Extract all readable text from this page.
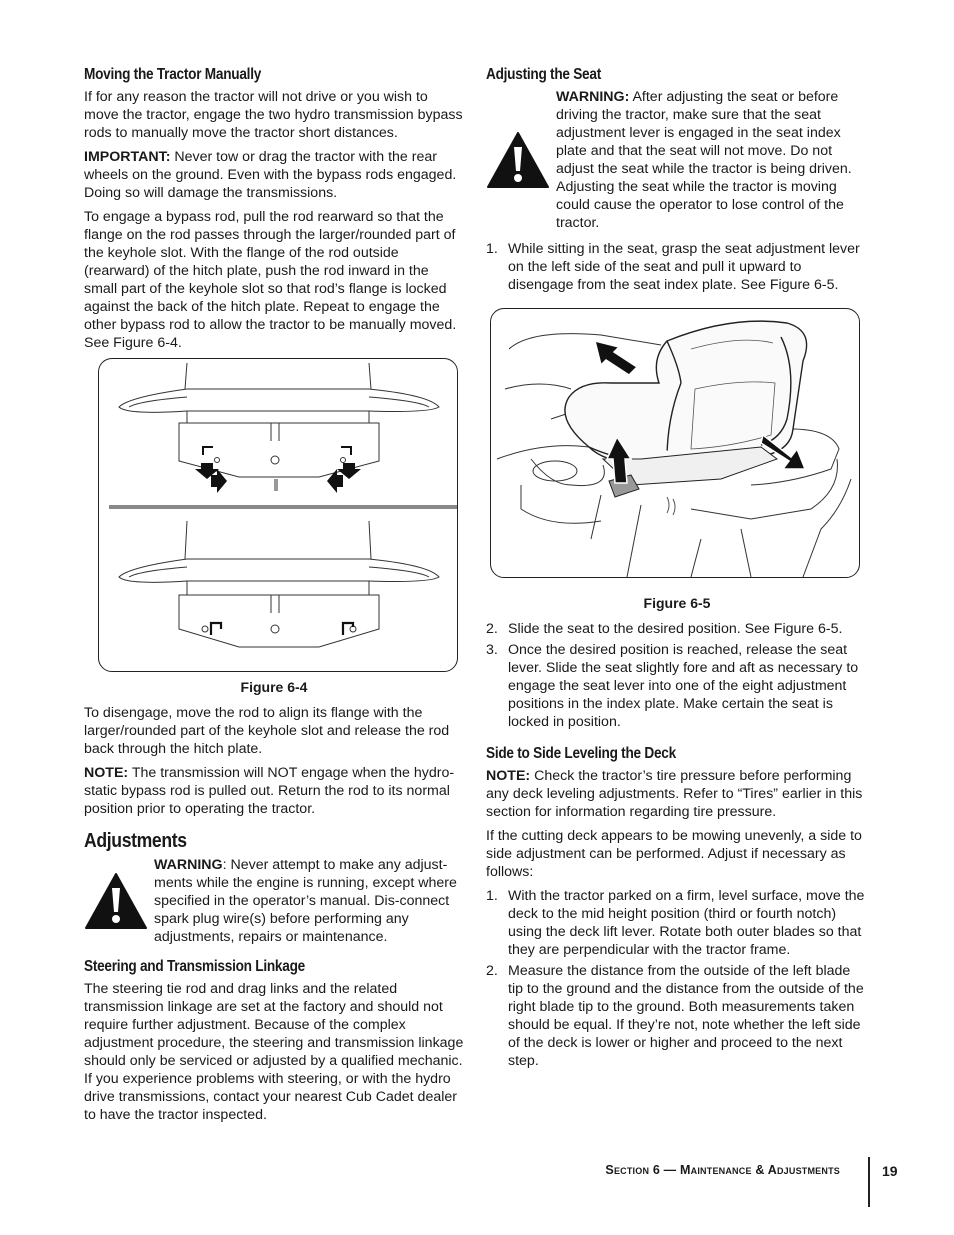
Moving the Tractor Manually

If for any reason the tractor will not drive or you wish to move the tractor, engage the two hydro transmission bypass rods to manually move the tractor short distances.

IMPORTANT: Never tow or drag the tractor with the rear wheels on the ground. Even with the bypass rods engaged. Doing so will damage the transmissions.

To engage a bypass rod, pull the rod rearward so that the flange on the rod passes through the larger/rounded part of the keyhole slot. With the flange of the rod outside (rearward) of the hitch plate, push the rod inward in the small part of the keyhole slot so that rod’s flange is locked against the back of the hitch plate. Repeat to engage the other bypass rod to allow the tractor to be manually moved. See Figure 6-4.

Figure 6-4

To disengage, move the rod to align its flange with the larger/rounded part of the keyhole slot and release the rod back through the hitch plate.

NOTE: The transmission will NOT engage when the hydro-static bypass rod is pulled out. Return the rod to its normal position prior to operating the tractor.

Adjustments
WARNING: Never attempt to make any adjust-ments while the engine is running, except where specified in the operator’s manual. Dis-connect spark plug wire(s) before performing any adjustments, repairs or maintenance.
Steering and Transmission Linkage

The steering tie rod and drag links and the related transmission linkage are set at the factory and should not require further adjustment. Because of the complex adjustment procedure, the steering and transmission linkage should only be serviced or adjusted by a qualified mechanic. If you experience problems with steering, or with the hydro drive transmissions, contact your nearest Cub Cadet dealer to have the tractor inspected.

Adjusting the Seat
WARNING: After adjusting the seat or before driving the tractor, make sure that the seat adjustment lever is engaged in the seat index plate and that the seat will not move. Do not adjust the seat while the tractor is being driven. Adjusting the seat while the tractor is moving could cause the operator to lose control of the tractor.
1. While sitting in the seat, grasp the seat adjustment lever on the left side of the seat and pull it upward to disengage from the seat index plate. See Figure 6-5.
Figure 6-5
2. Slide the seat to the desired position. See Figure 6-5.
3. Once the desired position is reached, release the seat lever. Slide the seat slightly fore and aft as necessary to engage the seat lever into one of the eight adjustment positions in the index plate. Make certain the seat is locked in position.
Side to Side Leveling the Deck

NOTE: Check the tractor’s tire pressure before performing any deck leveling adjustments. Refer to “Tires” earlier in this section for information regarding tire pressure.

If the cutting deck appears to be mowing unevenly, a side to side adjustment can be performed. Adjust if necessary as follows:

1. With the tractor parked on a firm, level surface, move the deck to the mid height position (third or fourth notch) using the deck lift lever. Rotate both outer blades so that they are perpendicular with the tractor frame.
2. Measure the distance from the outside of the left blade tip to the ground and the distance from the outside of the right blade tip to the ground. Both measurements taken should be equal. If they’re not, note whether the left side of the deck is lower or higher and proceed to the next step.
Section 6 — Maintenance & Adjustments	19
